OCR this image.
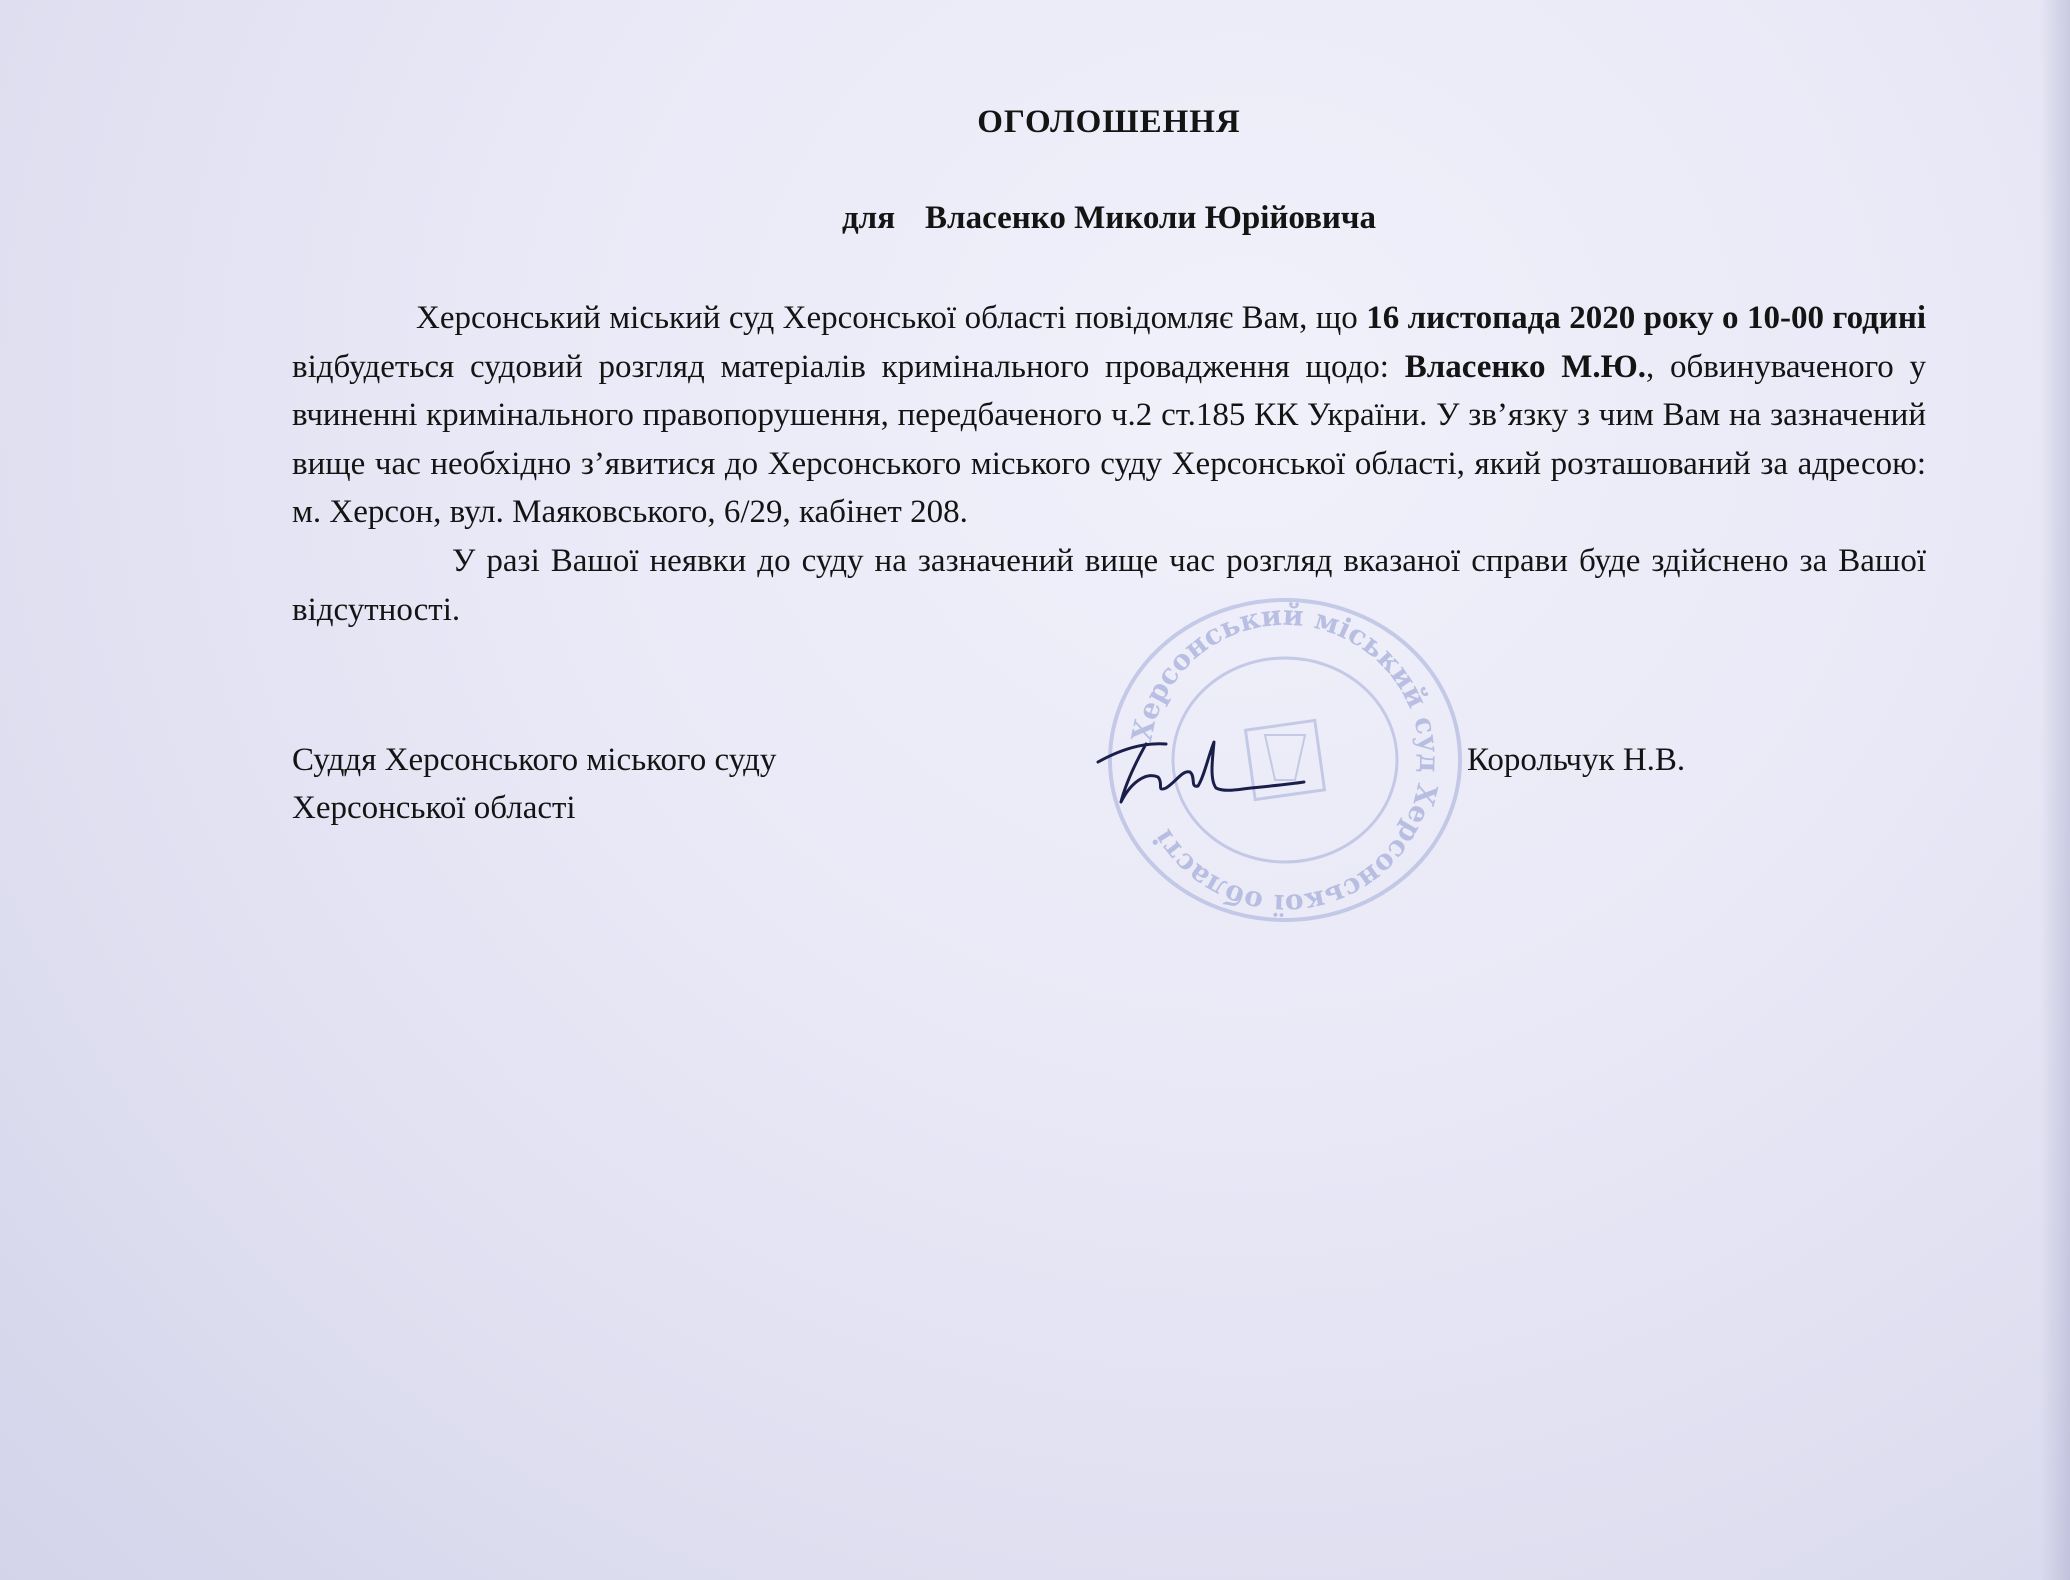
Херсонський міський суд Херсонської області
ОГОЛОШЕННЯ
для Власенко Миколи Юрійовича

Херсонський міський суд Херсонської області повідомляє Вам, що 16 листопада 2020 року о 10-00 годині відбудеться судовий розгляд матеріалів кримінального провадження щодо: Власенко М.Ю., обвинуваченого у вчиненні кримінального правопорушення, передбаченого ч.2 ст.185 КК України. У зв’язку з чим Вам на зазначений вище час необхідно з’явитися до Херсонського міського суду Херсонської області, який розташований за адресою: м. Херсон, вул. Маяковського, 6/29, кабінет 208.

У разі Вашої неявки до суду на зазначений вище час розгляд вказаної справи буде здійснено за Вашої відсутності.

Суддя Херсонського міського суду
Херсонської області
Корольчук Н.В.
